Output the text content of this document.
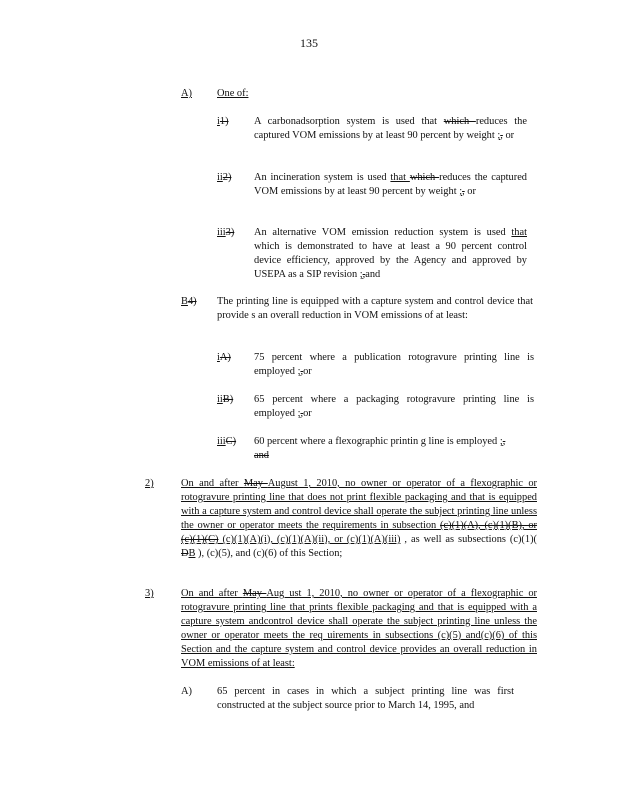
135
A) One of:
i1) A carbonadsorption system is used that which reduces the captured VOM emissions by at least 90 percent by weight ;, or
ii2) An incineration system is used that which reduces the captured VOM emissions by at least 90 percent by weight ;, or
iii3) An alternative VOM emission reduction system is used that which is demonstrated to have at least a 90 percent control device efficiency, approved by the Agency and approved by USEPA as a SIP revision ;,and
B4) The printing line is equipped with a capture system and control device that provide s an overall reduction in VOM emissions of at least:
iA) 75 percent where a publication rotogravure printing line is employed ;,or
iiB) 65 percent where a packaging rotogravure printing line is employed ;,or
iiiC) 60 percent where a flexographic printin g line is employed ;,
and
2)	On and after May August 1, 2010, no owner or operator of a flexographic or rotogravure printing line that does not print flexible packaging and that is equipped with a capture system and control device shall operate the subject printing line unless the owner or operator meets the requirements in subsection (c)(1)(A), (c)(1)(B), or (c)(1)(C) (c)(1)(A)(i), (c)(1)(A)(ii), or (c)(1)(A)(iii) , as well as subsections (c)(1)( DB ), (c)(5), and (c)(6) of this Section;
3)	On and after May Aug ust 1, 2010, no owner or operator of a flexographic or rotogravure printing line that prints flexible packaging and that is equipped with a capture system andcontrol device shall operate the subject printing line unless the owner or operator meets the req uirements in subsections (c)(5) and(c)(6) of this Section and the capture system and control device provides an overall reduction in VOM emissions of at least:
A) 65 percent in cases in which a subject printing line was first constructed at the subject source prior to March 14, 1995, and
